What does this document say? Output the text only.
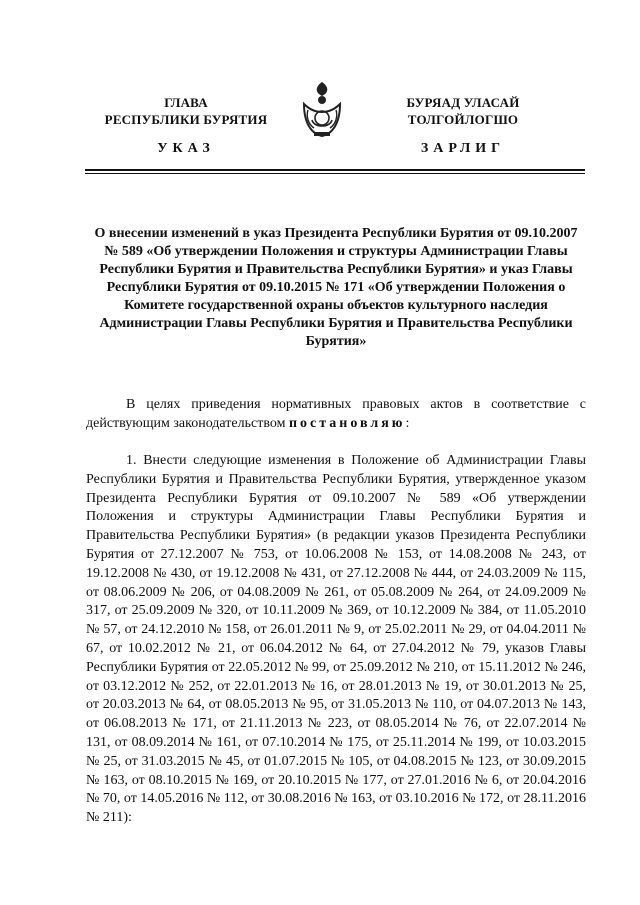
ГЛАВА
РЕСПУБЛИКИ БУРЯТИЯ
БУРЯАД УЛАСАЙ
ТОЛГОЙЛОГШО
УКАЗ	ЗАРЛИГ
О внесении изменений в указ Президента Республики Бурятия от 09.10.2007 № 589 «Об утверждении Положения и структуры Администрации Главы Республики Бурятия и Правительства Республики Бурятия» и указ Главы Республики Бурятия от 09.10.2015 № 171 «Об утверждении Положения о Комитете государственной охраны объектов культурного наследия Администрации Главы Республики Бурятия и Правительства Республики Бурятия»
В целях приведения нормативных правовых актов в соответствие с действующим законодательством постановляю:
1. Внести следующие изменения в Положение об Администрации Главы Республики Бурятия и Правительства Республики Бурятия, утвержденное указом Президента Республики Бурятия от 09.10.2007 № 589 «Об утверждении Положения и структуры Администрации Главы Республики Бурятия и Правительства Республики Бурятия» (в редакции указов Президента Республики Бурятия от 27.12.2007 № 753, от 10.06.2008 № 153, от 14.08.2008 № 243, от 19.12.2008 № 430, от 19.12.2008 № 431, от 27.12.2008 № 444, от 24.03.2009 № 115, от 08.06.2009 № 206, от 04.08.2009 № 261, от 05.08.2009 № 264, от 24.09.2009 № 317, от 25.09.2009 № 320, от 10.11.2009 № 369, от 10.12.2009 № 384, от 11.05.2010 № 57, от 24.12.2010 № 158, от 26.01.2011 № 9, от 25.02.2011 № 29, от 04.04.2011 № 67, от 10.02.2012 № 21, от 06.04.2012 № 64, от 27.04.2012 № 79, указов Главы Республики Бурятия от 22.05.2012 № 99, от 25.09.2012 № 210, от 15.11.2012 № 246, от 03.12.2012 № 252, от 22.01.2013 № 16, от 28.01.2013 № 19, от 30.01.2013 № 25, от 20.03.2013 № 64, от 08.05.2013 № 95, от 31.05.2013 № 110, от 04.07.2013 № 143, от 06.08.2013 № 171, от 21.11.2013 № 223, от 08.05.2014 № 76, от 22.07.2014 № 131, от 08.09.2014 № 161, от 07.10.2014 № 175, от 25.11.2014 № 199, от 10.03.2015 № 25, от 31.03.2015 № 45, от 01.07.2015 № 105, от 04.08.2015 № 123, от 30.09.2015 № 163, от 08.10.2015 № 169, от 20.10.2015 № 177, от 27.01.2016 № 6, от 20.04.2016 № 70, от 14.05.2016 № 112, от 30.08.2016 № 163, от 03.10.2016 № 172, от 28.11.2016 № 211):
